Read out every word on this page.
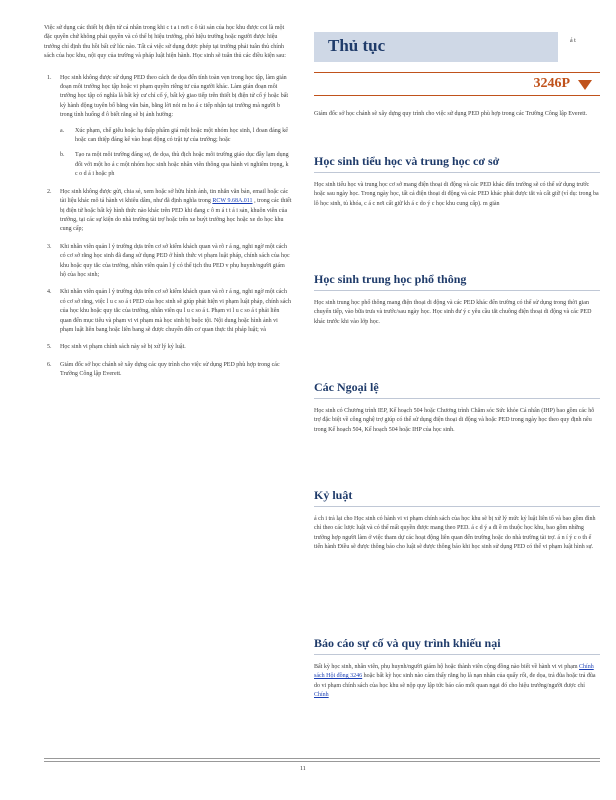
Việc sử dụng các thiết bị điện tử cá nhân trong khi c t a i nơi c ô tài sản của học khu được coi là một đặc quyền chứ không phải quyền và có thể bị hiệu trưởng, phó hiệu trưởng hoặc người được hiệu trưởng chỉ định thu hồi bất cứ lúc nào. Tất cả việc sử dụng được phép tại trường phải tuân thủ chính sách của học khu, nội quy của trường và pháp luật hiện hành. Học sinh sẽ tuân thủ các điều kiện sau:

1. Học sinh không được sử dụng PED theo cách đe dọa đến tính toàn vẹn trong học tập, làm gián đoạn môi trường học tập hoặc vi phạm quyền riêng tư của người khác. Làm gián đoạn môi trường học tập có nghĩa là bất kỳ cư chỉ cố ý, bất kỳ giao tiếp trên thiết bị điện tử cố ý hoặc bất kỳ hành động tuyên bố bằng văn bản, bằng lời nói m ho á c tiếp nhận tại trường mà người b trong tình huống đ ô biết rằng sẽ bị ảnh hưởng:
a. Xúc phạm, chế giễu hoặc hạ thấp phẩm giá một hoặc một nhóm học sinh, l đoan đáng kể hoặc can thiệp đáng kể vào hoạt động có trật tự của trường; hoặc
b. Tạo ra một môi trường đáng sợ, đe dọa, thù địch hoặc môi trường giáo dục đầy lạm dụng đối với một ho á c một nhóm học sinh hoặc nhân viên thông qua hành vi nghiêm trọng, k c o d á i hoặc ph
2. Học sinh không được gửi, chia sẻ, xem hoặc sở hữu hình ảnh, tin nhắn văn bản, email hoặc các tài liệu khác mô tả hành vi khiêu dâm, như đã định nghĩa trong RCW 9.68A.011 , trong các thiết bị điện tử hoặc bất kỳ hình thức nào khác trên PED khi đang c ô m á t t á i sản, khuôn viên của trường, tại các sự kiện do nhà trường tài trợ hoặc trên xe buýt trường học hoặc xe do học khu cung cấp;
3. Khi nhân viên quản l ý trường dựa trên cơ sở kiểm khách quan và rõ r á ng, nghi ngờ một cách có cơ sở rằng học sinh đã đang sử dụng PED ở hình thức vi phạm luật pháp, chính sách của học khu hoặc quy tắc của trường, nhân viên quản l ý có thể tịch thu PED v phụ huynh/người giám hộ của học sinh;
4. Khi nhân viên quản l ý trường dựa trên cơ sở kiểm khách quan và rõ r á ng, nghi ngờ một cách có cơ sở rằng, việc l u c so á t PED của học sinh sẽ giúp phát hiện vi phạm luật pháp, chính sách của học khu hoặc quy tắc của trường, nhân viên qu l u c so á t. Phạm vi l u c so á t phải liên quan đến mục tiêu và phạm vi vi phạm mà học sinh bị buộc tội. Nội dung hoặc hình ảnh vi phạm luật liên bang hoặc liên bang sẽ được chuyển đến cơ quan thực thi pháp luật; và
5. Học sinh vi phạm chính sách này sẽ bị xử lý kỷ luật.
6. Giám đốc sở học chánh sẽ xây dựng các quy trình cho việc sử dụng PED phù hợp trong các Trường Công lập Everett.
Thủ tục	á t
3246P

Giám đốc sở học chánh sẽ xây dựng quy trình cho việc sử dụng PED phù hợp trong các Trường Công lập Everett.

Học sinh tiểu học và trung học cơ sở

Học sinh tiểu học và trung học cơ sở mang điện thoại di động và các PED khác đến trường sẽ có thể sử dụng trước hoặc sau ngày học. Trong ngày học, tất cả điện thoại di động và các PED khác phải được tắt và cất giữ (ví dụ: trong ba lô học sinh, tủ khóa, c á c nơi cất giữ kh á c do ý c học khu cung cấp). m giàn

Học sinh trung học phổ thông

Học sinh trung học phổ thông mang điện thoại di động và các PED khác đến trường có thể sử dụng trong thời gian chuyển tiếp, vào bữa trưa và trước/sau ngày học. Học sinh đư ý c yêu cầu tắt chuông điện thoại di động và các PED khác trước khi vào lớp học.

Các Ngoại lệ

Học sinh có Chương trình IEP, Kế hoạch 504 hoặc Chương trình Chăm sóc Sức khỏe Cá nhân (IHP) bao gồm các hỗ trợ đặc biệt về công nghệ trợ giúp có thể sử dụng điện thoại di động và hoặc PED trong ngày học theo quy định nêu trong Kế hoạch 504, Kế hoạch 504 hoặc IHP của học sinh.

Kỷ luật

á ch i trả lại cho Học sinh có hành vi vi phạm chính sách của học khu sẽ bị xử lý mức kỷ luật liên tố và bao gồm đình chỉ theo các lược luật và có thể mất quyền được mang theo PED. á c d ý a đi ề m thuộc học khu, bao gồm những trường hợp người làm ở việc tham dự các hoạt động liên quan đến trường hoặc do nhà trường tài trợ. á n í ý c o th ể tiến hành Điều sẽ được thông báo cho luật sẽ được thông báo khi học sinh sử dụng PED có thể vi phạm luật hình sự.

Báo cáo sự cố và quy trình khiếu nại

Bất kỳ học sinh, nhân viên, phụ huynh/người giám hộ hoặc thành viên cộng đồng nào biết về hành vi vi phạm Chính sách Hội đồng 3246 hoặc bất kỳ học sinh nào cảm thấy rằng họ là nạn nhân của quấy rối, đe dọa, trả đũa hoặc trả đũa do vi phạm chính sách của học khu sẽ nộp quy lập tức báo cáo mối quan ngại đó cho hiệu trưởng/người được chỉ Chính

11
